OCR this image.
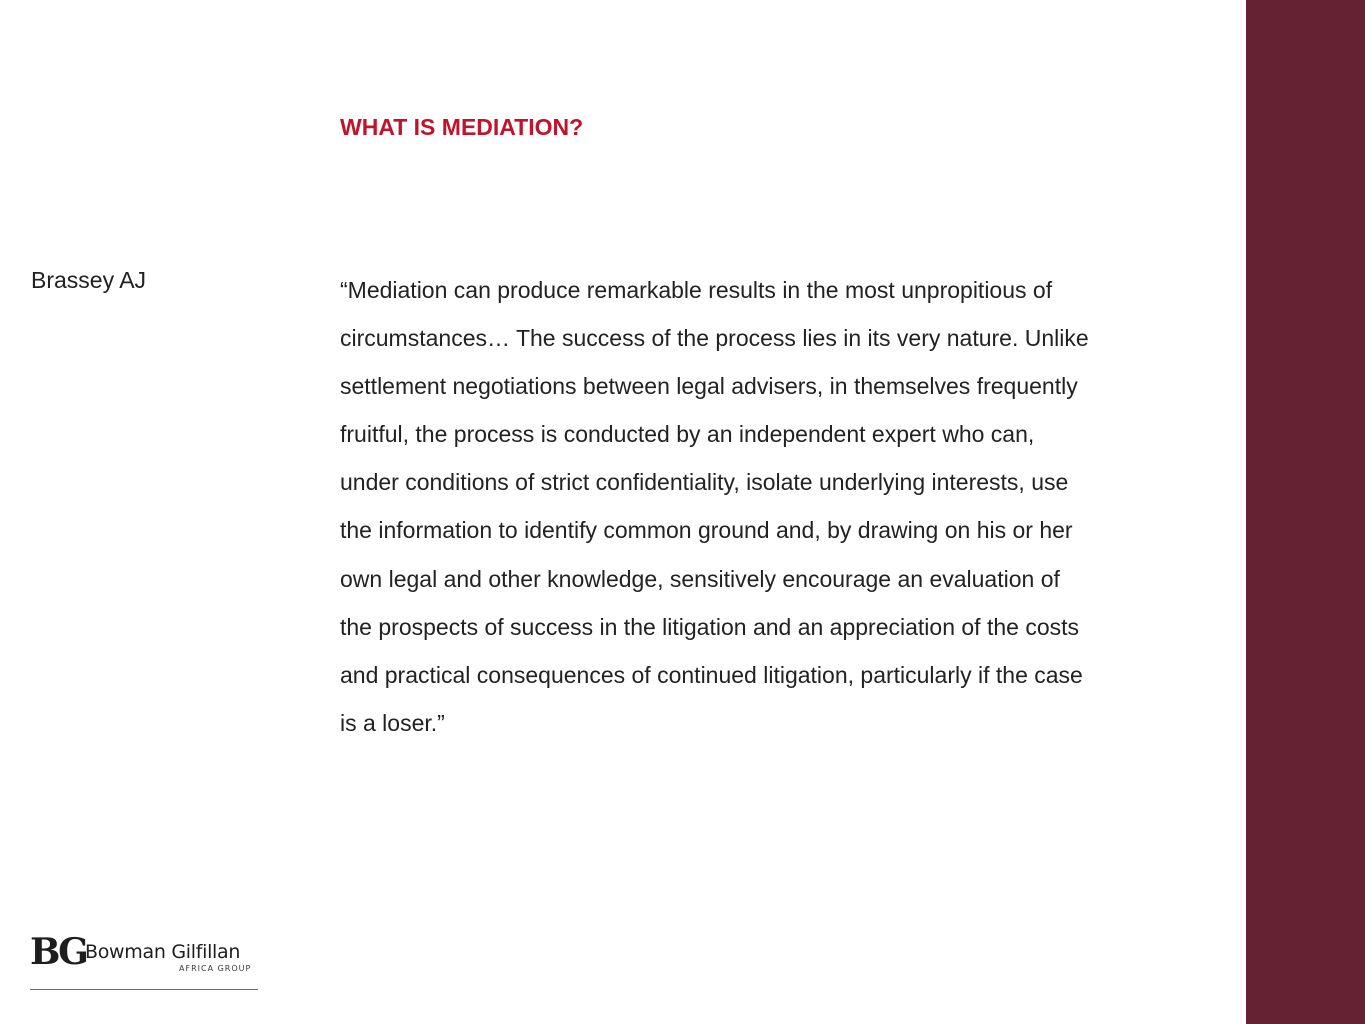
WHAT IS MEDIATION?
Brassey AJ	“Mediation can produce remarkable results in the most unpropitious of
circumstances… The success of the process lies in its very nature. Unlike
settlement negotiations between legal advisers, in themselves frequently
fruitful, the process is conducted by an independent expert who can,
under conditions of strict confidentiality, isolate underlying interests, use
the information to identify common ground and, by drawing on his or her
own legal and other knowledge, sensitively encourage an evaluation of
the prospects of success in the litigation and an appreciation of the costs
and practical consequences of continued litigation, particularly if the case
is a loser.”

BG Bowman Gilfillan
AFRICA GROUP
